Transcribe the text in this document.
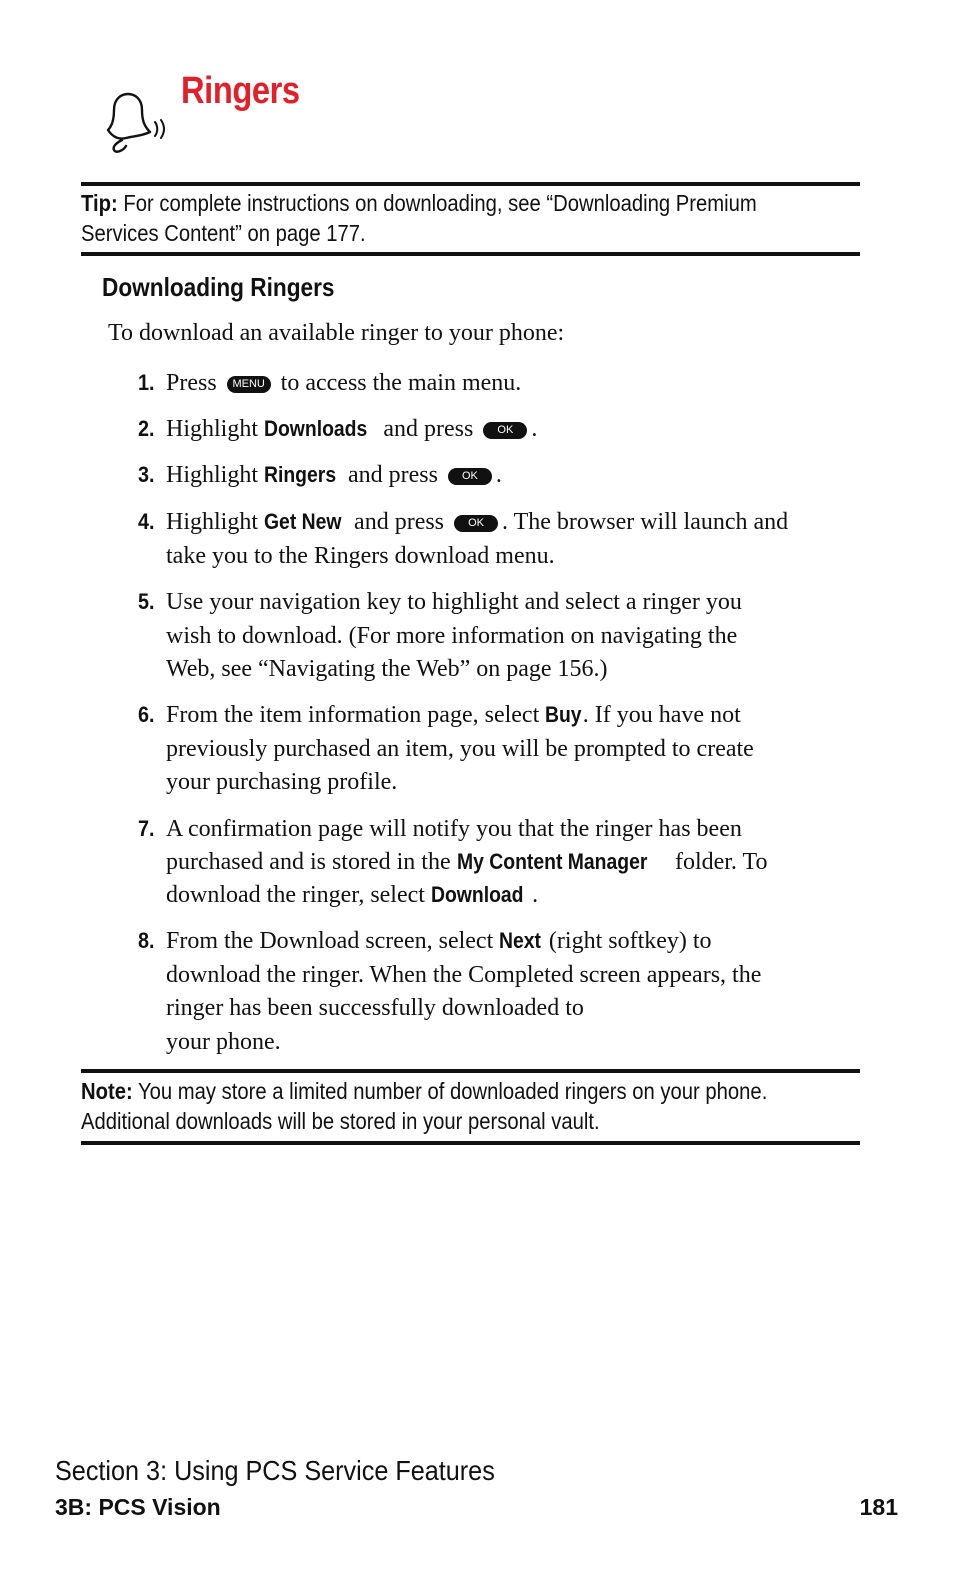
Ringers
Tip: For complete instructions on downloading, see “Downloading Premium
Services Content” on page 177.
Downloading Ringers
To download an available ringer to your phone:
1. Press MENU to access the main menu.
2. Highlight Downloads and press OK .
3. Highlight Ringers and press OK .
4. Highlight Get New and press OK . The browser will launch and
take you to the Ringers download menu.
5. Use your navigation key to highlight and select a ringer you
wish to download. (For more information on navigating the
Web, see “Navigating the Web” on page 156.)
6. From the item information page, select Buy. If you have not
previously purchased an item, you will be prompted to create
your purchasing profile.
7. A confirmation page will notify you that the ringer has been
purchased and is stored in the My Content Manager folder. To
download the ringer, select Download .
8. From the Download screen, select Next (right softkey) to
download the ringer. When the Completed screen appears, the
ringer has been successfully downloaded to
your phone.
Note: You may store a limited number of downloaded ringers on your phone.
Additional downloads will be stored in your personal vault.
Section 3: Using PCS Service Features
3B: PCS Vision	181
